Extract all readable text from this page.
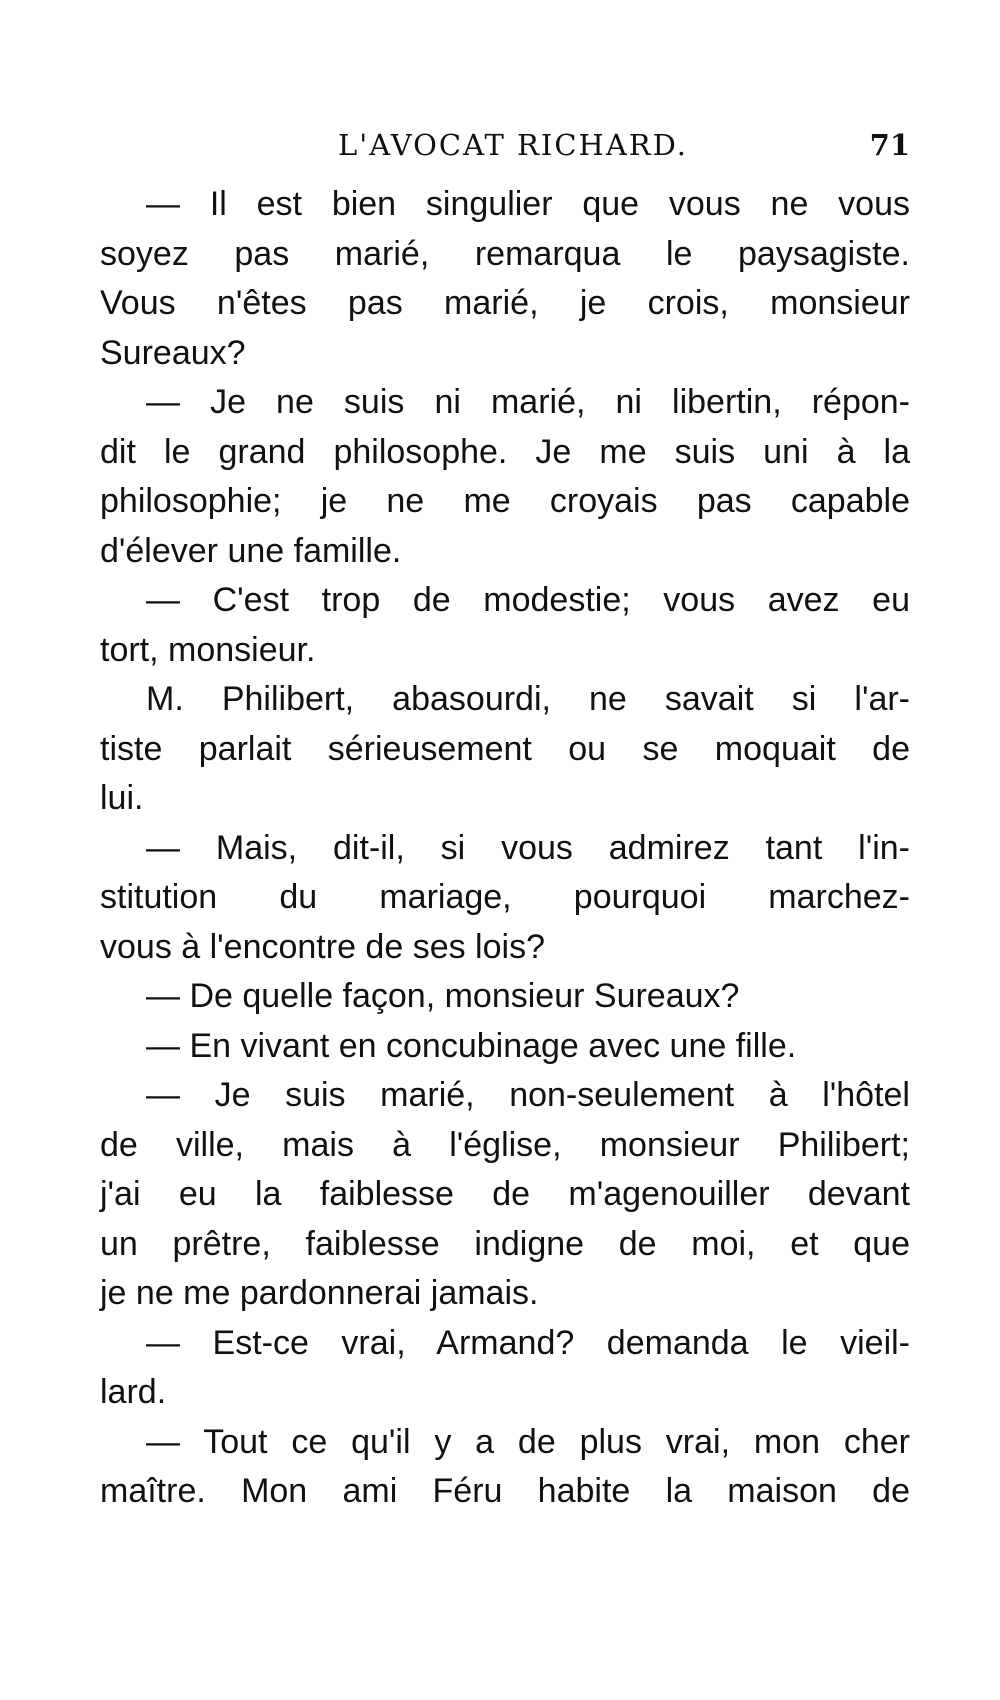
L'AVOCAT RICHARD.	71

— Il est bien singulier que vous ne vous
soyez pas marié, remarqua le paysagiste.
Vous n'êtes pas marié, je crois, monsieur
Sureaux?

— Je ne suis ni marié, ni libertin, répon-
dit le grand philosophe. Je me suis uni à la
philosophie; je ne me croyais pas capable
d'élever une famille.

— C'est trop de modestie; vous avez eu
tort, monsieur.

M. Philibert, abasourdi, ne savait si l'ar-
tiste parlait sérieusement ou se moquait de
lui.

— Mais, dit-il, si vous admirez tant l'in-
stitution du mariage, pourquoi marchez-
vous à l'encontre de ses lois?

— De quelle façon, monsieur Sureaux?

— En vivant en concubinage avec une fille.

— Je suis marié, non-seulement à l'hôtel
de ville, mais à l'église, monsieur Philibert;
j'ai eu la faiblesse de m'agenouiller devant
un prêtre, faiblesse indigne de moi, et que
je ne me pardonnerai jamais.

— Est-ce vrai, Armand? demanda le vieil-
lard.

— Tout ce qu'il y a de plus vrai, mon cher
maître. Mon ami Féru habite la maison de
